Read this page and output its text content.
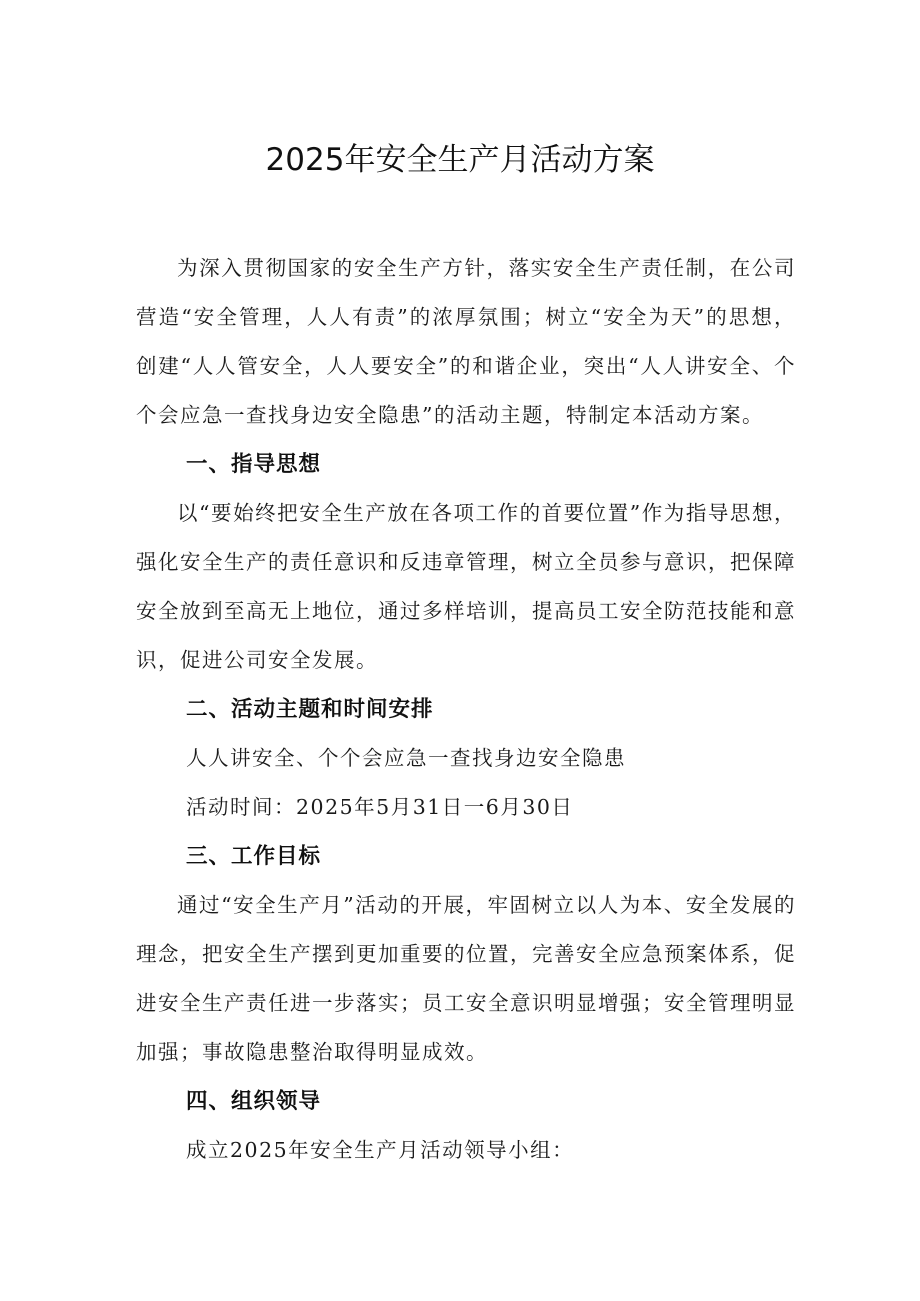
2025年安全生产月活动方案

为深入贯彻国家的安全生产方针，落实安全生产责任制，在公司营造“安全管理，人人有责”的浓厚氛围；树立“安全为天”的思想，创建“人人管安全，人人要安全”的和谐企业，突出“人人讲安全、个个会应急一查找身边安全隐患”的活动主题，特制定本活动方案。

一、指导思想

以“要始终把安全生产放在各项工作的首要位置”作为指导思想，强化安全生产的责任意识和反违章管理，树立全员参与意识，把保障安全放到至高无上地位，通过多样培训，提高员工安全防范技能和意识，促进公司安全发展。

二、活动主题和时间安排

人人讲安全、个个会应急一查找身边安全隐患

活动时间：2025年5月31日一6月30日

三、工作目标

通过“安全生产月”活动的开展，牢固树立以人为本、安全发展的理念，把安全生产摆到更加重要的位置，完善安全应急预案体系，促进安全生产责任进一步落实；员工安全意识明显增强；安全管理明显加强；事故隐患整治取得明显成效。

四、组织领导

成立2025年安全生产月活动领导小组：
